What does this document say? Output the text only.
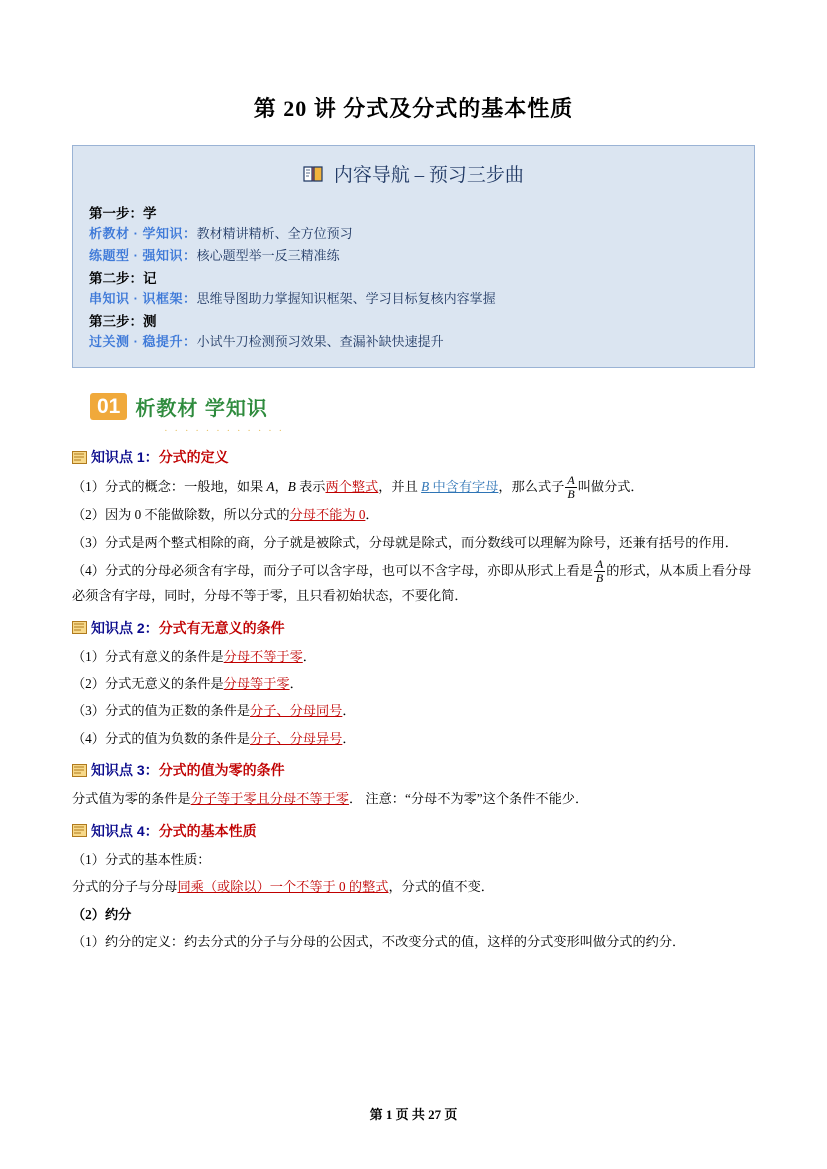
第 20 讲 分式及分式的基本性质
内容导航 – 预习三步曲
第一步：学
析教材 · 学知识：教材精讲精析、全方位预习
练题型 · 强知识：核心题型举一反三精准练
第二步：记
串知识 · 识框架：思维导图助力掌握知识框架、学习目标复核内容掌握
第三步：测
过关测 · 稳提升：小试牛刀检测预习效果、查漏补缺快速提升
01 析教材 学知识
· · · · · · · · · · · ·
知识点 1：分式的定义
（1）分式的概念：一般地，如果 A，B 表示两个整式，并且 B 中含有字母，那么式子 $\frac{A}{B}$ 叫做分式．
（2）因为 0 不能做除数，所以分式的分母不能为 0．
（3）分式是两个整式相除的商，分子就是被除式，分母就是除式，而分数线可以理解为除号，还兼有括号的作用．
（4）分式的分母必须含有字母，而分子可以含字母，也可以不含字母，亦即从形式上看是 $\frac{A}{B}$ 的形式，从本质上看分母必须含有字母，同时，分母不等于零，且只看初始状态，不要化简．
知识点 2：分式有无意义的条件
（1）分式有意义的条件是分母不等于零．
（2）分式无意义的条件是分母等于零．
（3）分式的值为正数的条件是分子、分母同号．
（4）分式的值为负数的条件是分子、分母异号．
知识点 3：分式的值为零的条件
分式值为零的条件是分子等于零且分母不等于零． 注意：“分母不为零”这个条件不能少．
知识点 4：分式的基本性质
（1）分式的基本性质：
分式的分子与分母同乘（或除以）一个不等于 0 的整式，分式的值不变．
（2）约分
（1）约分的定义：约去分式的分子与分母的公因式，不改变分式的值，这样的分式变形叫做分式的约分．
第 1 页 共 27 页
